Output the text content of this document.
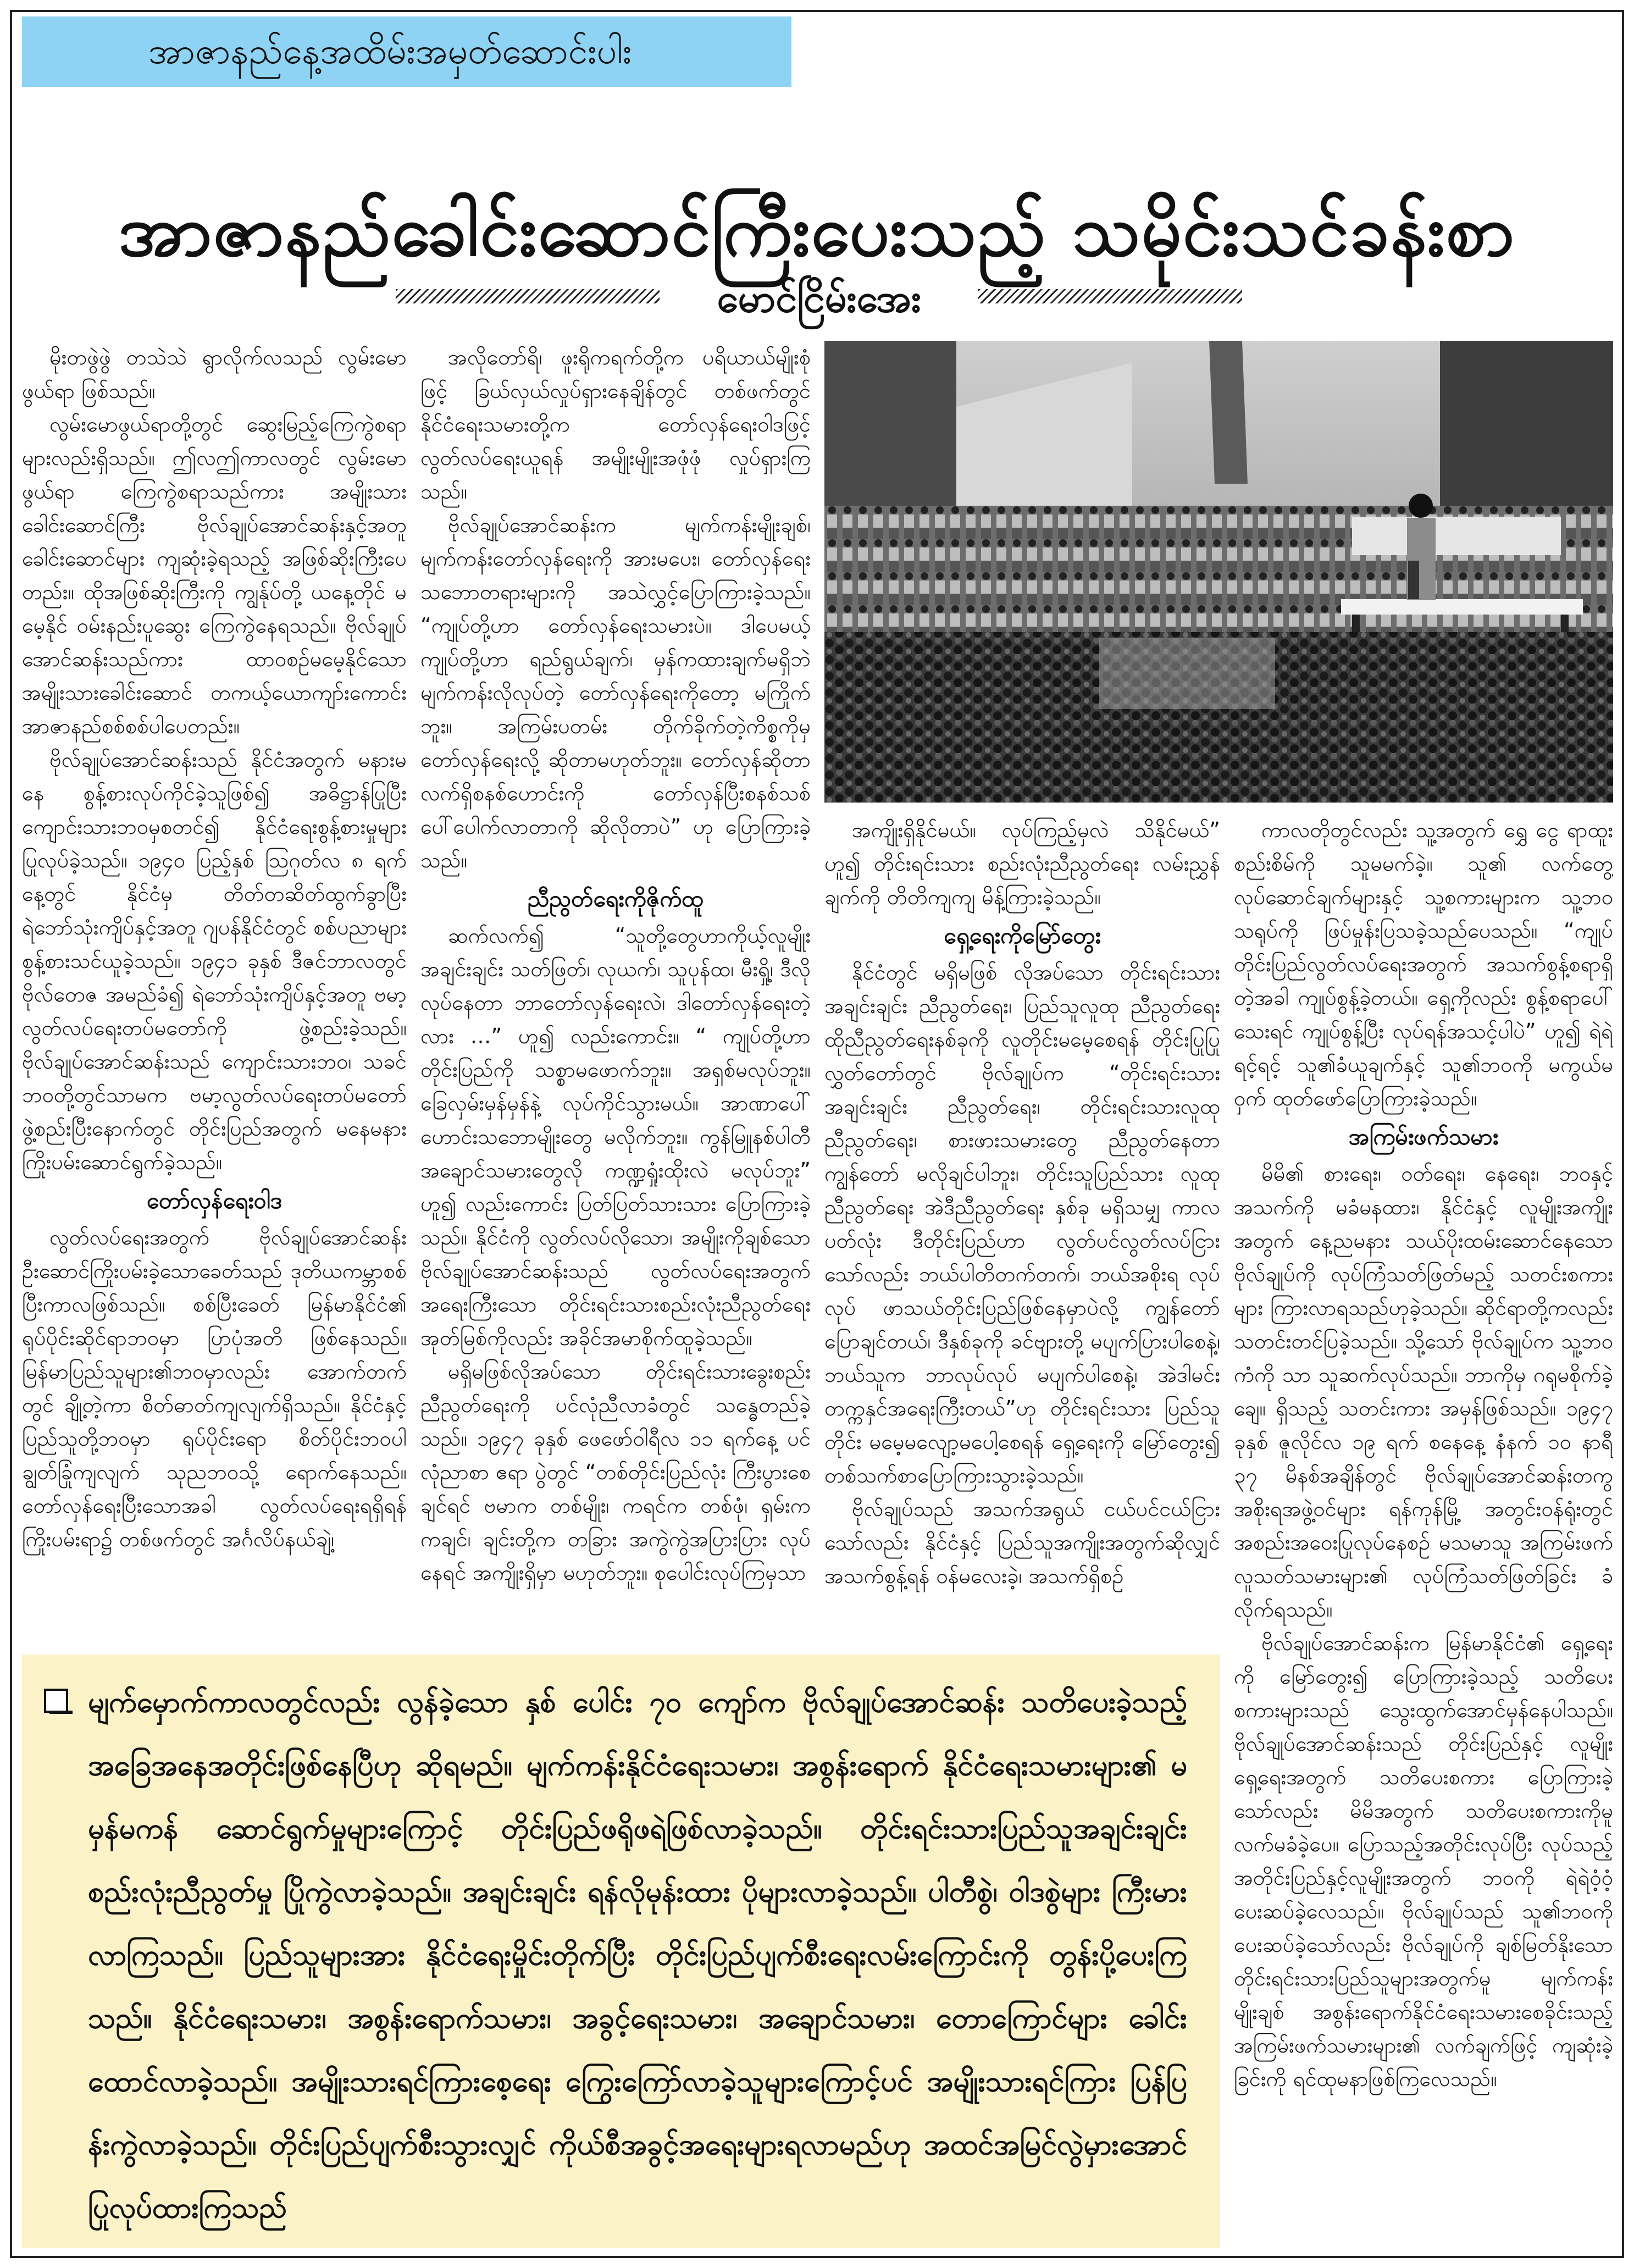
အာဇာနည်နေ့အထိမ်းအမှတ်ဆောင်းပါး
အာဇာနည်ခေါင်းဆောင်ကြီးပေးသည့် သမိုင်းသင်ခန်းစာ
မောင်ငြိမ်းအေး

မိုးတဖွဲဖွဲ တသဲသဲ ရွာလိုက်လသည် လွမ်းမောဖွယ်ရာ ဖြစ်သည်။

လွမ်းမောဖွယ်ရာတို့တွင် ဆွေးမြည့်ကြေကွဲစရာများလည်းရှိသည်။ ဤလဤကာလတွင် လွမ်းမောဖွယ်ရာ ကြေကွဲစရာသည်ကား အမျိုးသားခေါင်းဆောင်ကြီး ဗိုလ်ချုပ်အောင်ဆန်းနှင့်အတူ ခေါင်းဆောင်များ ကျဆုံးခဲ့ရသည့် အဖြစ်ဆိုးကြီးပေတည်း။ ထိုအဖြစ်ဆိုးကြီးကို ကျွန်ုပ်တို့ ယနေ့တိုင် မမေ့နိုင် ဝမ်းနည်းပူဆွေး ကြေကွဲနေရသည်။ ဗိုလ်ချုပ်အောင်ဆန်းသည်ကား ထာဝစဉ်မမေ့နိုင်သော အမျိုးသားခေါင်းဆောင် တကယ့်ယောကျာ်းကောင်း အာဇာနည်စစ်စစ်ပါပေတည်း။

ဗိုလ်ချုပ်အောင်ဆန်းသည် နိုင်ငံအတွက် မနားမနေ စွန့်စားလုပ်ကိုင်ခဲ့သူဖြစ်၍ အဓိဋ္ဌာန်ပြုပြီး ကျောင်းသားဘဝမှစတင်၍ နိုင်ငံရေးစွန့်စားမှုများ ပြုလုပ်ခဲ့သည်။ ၁၉၄၀ ပြည့်နှစ် ဩဂုတ်လ ၈ ရက်နေ့တွင် နိုင်ငံမှ တိတ်တဆိတ်ထွက်ခွာပြီး ရဲဘော်သုံးကျိပ်နှင့်အတူ ဂျပန်နိုင်ငံတွင် စစ်ပညာများ စွန့်စားသင်ယူခဲ့သည်။ ၁၉၄၁ ခုနှစ် ဒီဇင်ဘာလတွင် ဗိုလ်တေဇ အမည်ခံ၍ ရဲဘော်သုံးကျိပ်နှင့်အတူ ဗမာ့လွတ်လပ်ရေးတပ်မတော်ကို ဖွဲ့စည်းခဲ့သည်။ ဗိုလ်ချုပ်အောင်ဆန်းသည် ကျောင်းသားဘဝ၊ သခင်ဘဝတို့တွင်သာမက ဗမာ့လွတ်လပ်ရေးတပ်မတော်ဖွဲ့စည်းပြီးနောက်တွင် တိုင်းပြည်အတွက် မနေမနား ကြိုးပမ်းဆောင်ရွက်ခဲ့သည်။

တော်လှန်ရေးဝါဒ

လွတ်လပ်ရေးအတွက် ဗိုလ်ချုပ်အောင်ဆန်း ဦးဆောင်ကြိုးပမ်းခဲ့သောခေတ်သည် ဒုတိယကမ္ဘာစစ်ပြီးကာလဖြစ်သည်။ စစ်ပြီးခေတ် မြန်မာနိုင်ငံ၏ ရုပ်ပိုင်းဆိုင်ရာဘဝမှာ ပြာပုံအတိ ဖြစ်နေသည်။ မြန်မာပြည်သူများ၏ဘဝမှာလည်း အောက်တက်တွင် ချို့တဲ့ကာ စိတ်ဓာတ်ကျလျက်ရှိသည်။ နိုင်ငံနှင့် ပြည်သူတို့ဘဝမှာ ရုပ်ပိုင်းရော စိတ်ပိုင်းဘဝပါ ချွတ်ခြုံကျလျက် သုညဘဝသို့ ရောက်နေသည်။ တော်လှန်ရေးပြီးသောအခါ လွတ်လပ်ရေးရရှိရန် ကြိုးပမ်းရာ၌ တစ်ဖက်တွင် အင်္ဂလိပ်နယ်ချဲ့၊

အလိုတော်ရိ၊ ဖူးရိုကရက်တို့က ပရိယာယ်မျိုးစုံဖြင့် ခြယ်လှယ်လှုပ်ရှားနေချိန်တွင် တစ်ဖက်တွင် နိုင်ငံရေးသမားတို့က တော်လှန်ရေးဝါဒဖြင့် လွတ်လပ်ရေးယူရန် အမျိုးမျိုးအဖုံဖုံ လှုပ်ရှားကြသည်။

ဗိုလ်ချုပ်အောင်ဆန်းက မျက်ကန်းမျိုးချစ်၊ မျက်ကန်းတော်လှန်ရေးကို အားမပေး၊ တော်လှန်ရေးသဘောတရားများကို အသဲလွှင့်ပြောကြားခဲ့သည်။ “ကျုပ်တို့ဟာ တော်လှန်ရေးသမားပဲ။ ဒါပေမယ့် ကျုပ်တို့ဟာ ရည်ရွယ်ချက်၊ မှန်ကထားချက်မရှိဘဲ မျက်ကန်းလိုလုပ်တဲ့ တော်လှန်ရေးကိုတော့ မကြိုက်ဘူး။ အကြမ်းပတမ်း တိုက်ခိုက်တဲ့ကိစ္စကိုမှ တော်လှန်ရေးလို့ ဆိုတာမဟုတ်ဘူး။ တော်လှန်ဆိုတာ လက်ရှိစနစ်ဟောင်းကို တော်လှန်ပြီးစနစ်သစ် ပေါ်ပေါက်လာတာကို ဆိုလိုတာပဲ” ဟု ပြောကြားခဲ့သည်။

ညီညွတ်ရေးကိုဇိုက်ထူ

ဆက်လက်၍ “သူတို့တွေဟာကိုယ့်လူမျိုးအချင်းချင်း သတ်ဖြတ်၊ လုယက်၊ သူပုန်ထ၊ မီးရှို့၊ ဒီလိုလုပ်နေတာ ဘာတော်လှန်ရေးလဲ၊ ဒါတော်လှန်ရေးတဲ့လား …” ဟူ၍ လည်းကောင်း။ “ ကျုပ်တို့ဟာ တိုင်းပြည်ကို သစ္စာမဖောက်ဘူး။ အရှစ်မလုပ်ဘူး။ ခြေလှမ်းမှန်မှန်နဲ့ လုပ်ကိုင်သွားမယ်။ အာဏာပေါ်ဟောင်းသဘောမျိုးတွေ မလိုက်ဘူး။ ကွန်မြူနစ်ပါတီ အချောင်သမားတွေလို ကဏ္ဍရှုံးထိုးလဲ မလုပ်ဘူး” ဟူ၍ လည်းကောင်း ပြတ်ပြတ်သားသား ပြောကြားခဲ့သည်။ နိုင်ငံကို လွတ်လပ်လိုသော၊ အမျိုးကိုချစ်သော ဗိုလ်ချုပ်အောင်ဆန်းသည် လွတ်လပ်ရေးအတွက် အရေးကြီးသော တိုင်းရင်းသားစည်းလုံးညီညွတ်ရေး အုတ်မြစ်ကိုလည်း အခိုင်အမာစိုက်ထူခဲ့သည်။

မရှိမဖြစ်လိုအပ်သော တိုင်းရင်းသားခွေးစည်း ညီညွတ်ရေးကို ပင်လုံညီလာခံတွင် သန္ဓေတည်ခဲ့သည်။ ၁၉၄၇ ခုနှစ် ဖေဖော်ဝါရီလ ၁၁ ရက်နေ့ ပင်လုံညာစာ ဧရာ ပွဲတွင် “တစ်တိုင်းပြည်လုံး ကြီးပွားစေချင်ရင် ဗမာက တစ်မျိုး၊ ကရင်က တစ်ဖုံ၊ ရှမ်းက ကချင်၊ ချင်းတို့က တခြား အကွဲကွဲအပြားပြား လုပ်နေရင် အကျိုးရှိမှာ မဟုတ်ဘူး။ စုပေါင်းလုပ်ကြမှသာ

အကျိုးရှိနိုင်မယ်။ လုပ်ကြည့်မှလဲ သိနိုင်မယ်” ဟူ၍ တိုင်းရင်းသား စည်းလုံးညီညွတ်ရေး လမ်းညွှန်ချက်ကို တိတိကျကျ မိန့်ကြားခဲ့သည်။

ရှေ့ရေးကိုမြော်တွေး

နိုင်ငံတွင် မရှိမဖြစ် လိုအပ်သော တိုင်းရင်းသားအချင်းချင်း ညီညွတ်ရေး၊ ပြည်သူလူထု ညီညွတ်ရေးထိုညီညွတ်ရေးနစ်ခုကို လူတိုင်းမမေ့စေရန် တိုင်းပြုပြုလွှတ်တော်တွင် ဗိုလ်ချုပ်က “တိုင်းရင်းသားအချင်းချင်း ညီညွတ်ရေး၊ တိုင်းရင်းသားလူထုညီညွတ်ရေး၊ စားဖားသမားတွေ ညီညွတ်နေတာ ကျွန်တော် မလိုချင်ပါဘူး၊ တိုင်းသူပြည်သား လူထုညီညွတ်ရေး အဲဒီညီညွတ်ရေး နှစ်ခု မရှိသမျှ ကာလပတ်လုံး ဒီတိုင်းပြည်ဟာ လွတ်ပင်လွတ်လပ်ငြား သော်လည်း ဘယ်ပါတိတက်တက်၊ ဘယ်အစိုးရ လုပ်လုပ် ဖာသယ်တိုင်းပြည်ဖြစ်နေမှာပဲလို့ ကျွန်တော် ပြောချင်တယ်၊ ဒီနှစ်ခုကို ခင်ဗျားတို့ မပျက်ပြားပါစေနဲ့၊ ဘယ်သူက ဘာလုပ်လုပ် မပျက်ပါစေနဲ့၊ အဲဒါမင်းတက္ကနှင်အရေးကြီးတယ်”ဟု တိုင်းရင်းသား ပြည်သူတိုင်း မမေ့မလျော့မပေါ့စေရန် ရှေ့ရေးကို မြော်တွေး၍ တစ်သက်စာပြောကြားသွားခဲ့သည်။

ဗိုလ်ချုပ်သည် အသက်အရွယ် ငယ်ပင်ငယ်ငြား သော်လည်း နိုင်ငံနှင့် ပြည်သူအကျိုးအတွက်ဆိုလျှင် အသက်စွန့်ရန် ဝန်မလေးခဲ့၊ အသက်ရှိစဉ်

ကာလတိုတွင်လည်း သူ့အတွက် ရွှေ ငွေ ရာထူး စည်းစိမ်ကို သူမမက်ခဲ့။ သူ၏ လက်တွေ့လုပ်ဆောင်ချက်များနှင့် သူ့စကားများက သူ့ဘဝ သရုပ်ကို ဖြပ်မှုန်းပြသခဲ့သည်ပေသည်။ “ကျုပ် တိုင်းပြည်လွတ်လပ်ရေးအတွက် အသက်စွန့်စရာရှိတဲ့အခါ ကျုပ်စွန့်ခဲ့တယ်။ ရှေ့ကိုလည်း စွန့်စရာပေါ်သေးရင် ကျုပ်စွန့်ပြီး လုပ်ရန်အသင့်ပါပဲ” ဟူ၍ ရဲရဲရင့်ရင့် သူ၏ခံယူချက်နှင့် သူ၏ဘဝကို မကွယ်မဝှက် ထုတ်ဖော်ပြောကြားခဲ့သည်။

အကြမ်းဖက်သမား

မိမိ၏ စားရေး၊ ဝတ်ရေး၊ နေရေး၊ ဘဝနှင့် အသက်ကို မခံမနထား၊ နိုင်ငံနှင့် လူမျိုးအကျိုးအတွက် နေ့ညမနား သယ်ပိုးထမ်းဆောင်နေသော ဗိုလ်ချုပ်ကို လုပ်ကြံသတ်ဖြတ်မည့် သတင်းစကားများ ကြားလာရသည်ဟုခဲ့သည်။ ဆိုင်ရာတို့ကလည်း သတင်းတင်ပြခဲ့သည်။ သို့သော် ဗိုလ်ချုပ်က သူ့ဘဝကံကို သာ သူဆက်လုပ်သည်။ ဘာကိုမှ ဂရုမစိုက်ခဲ့ချေ။ ရှိသည့် သတင်းကား အမှန်ဖြစ်သည်။ ၁၉၄၇ ခုနှစ် ဇူလိုင်လ ၁၉ ရက် စနေနေ့ နံနက် ၁၀ နာရီ ၃၇ မိနစ်အချိန်တွင် ဗိုလ်ချုပ်အောင်ဆန်းတကွ အစိုးရအဖွဲ့ဝင်များ ရန်ကုန်မြို့ အတွင်းဝန်ရုံးတွင် အစည်းအဝေးပြုလုပ်နေစဉ် မသမာသူ အကြမ်းဖက် လူသတ်သမားများ၏ လုပ်ကြံသတ်ဖြတ်ခြင်း ခံလိုက်ရသည်။

ဗိုလ်ချုပ်အောင်ဆန်းက မြန်မာနိုင်ငံ၏ ရှေ့ရေး ကို မြော်တွေး၍ ပြောကြားခဲ့သည့် သတိပေးစကားများသည် သွေးထွက်အောင်မှန်နေပါသည်။ ဗိုလ်ချုပ်အောင်ဆန်းသည် တိုင်းပြည်နှင့် လူမျိုး ရှေ့ရေးအတွက် သတိပေးစကား ပြောကြားခဲ့သော်လည်း မိမိအတွက် သတိပေးစကားကိုမူ လက်မခံခဲ့ပေ။ ပြောသည့်အတိုင်းလုပ်ပြီး လုပ်သည့်အတိုင်းပြည်နှင့်လူမျိုးအတွက် ဘဝကို ရဲရဲဝံ့ဝံ့ ပေးဆပ်ခဲ့လေသည်။ ဗိုလ်ချုပ်သည် သူ၏ဘဝကို ပေးဆပ်ခဲ့သော်လည်း ဗိုလ်ချုပ်ကို ချစ်မြတ်နိုးသော တိုင်းရင်းသားပြည်သူများအတွက်မူ မျက်ကန်း မျိုးချစ် အစွန်းရောက်နိုင်ငံရေးသမားစေခိုင်းသည့် အကြမ်းဖက်သမားများ၏ လက်ချက်ဖြင့် ကျဆုံးခဲ့ခြင်းကို ရင်ထုမနာဖြစ်ကြလေသည်။

မျက်မှောက်ကာလတွင်လည်း လွန်ခဲ့သော နှစ် ပေါင်း ၇၀ ကျော်က ဗိုလ်ချုပ်အောင်ဆန်း သတိပေးခဲ့သည့် အခြေအနေအတိုင်းဖြစ်နေပြီဟု ဆိုရမည်။ မျက်ကန်းနိုင်ငံရေးသမား၊ အစွန်းရောက် နိုင်ငံရေးသမားများ၏ မမှန်မကန် ဆောင်ရွက်မှုများကြောင့် တိုင်းပြည်ဖရိုဖရဲဖြစ်လာခဲ့သည်။ တိုင်းရင်းသားပြည်သူအချင်းချင်း စည်းလုံးညီညွတ်မှု ပြိုကွဲလာခဲ့သည်။ အချင်းချင်း ရန်လိုမုန်းထား ပိုများလာခဲ့သည်။ ပါတီစွဲ၊ ဝါဒစွဲများ ကြီးမားလာကြသည်။ ပြည်သူများအား နိုင်ငံရေးမှိုင်းတိုက်ပြီး တိုင်းပြည်ပျက်စီးရေးလမ်းကြောင်းကို တွန်းပို့ပေးကြသည်။ နိုင်ငံရေးသမား၊ အစွန်းရောက်သမား၊ အခွင့်ရေးသမား၊ အချောင်သမား၊ တောကြောင်များ ခေါင်းထောင်လာခဲ့သည်။ အမျိုးသားရင်ကြားစေ့ရေး ကြွေးကြော်လာခဲ့သူများကြောင့်ပင် အမျိုးသားရင်ကြား ပြန်ပြန်းကွဲလာခဲ့သည်။ တိုင်းပြည်ပျက်စီးသွားလျှင် ကိုယ်စီအခွင့်အရေးများရလာမည်ဟု အထင်အမြင်လွဲမှားအောင် ပြုလုပ်ထားကြသည်
